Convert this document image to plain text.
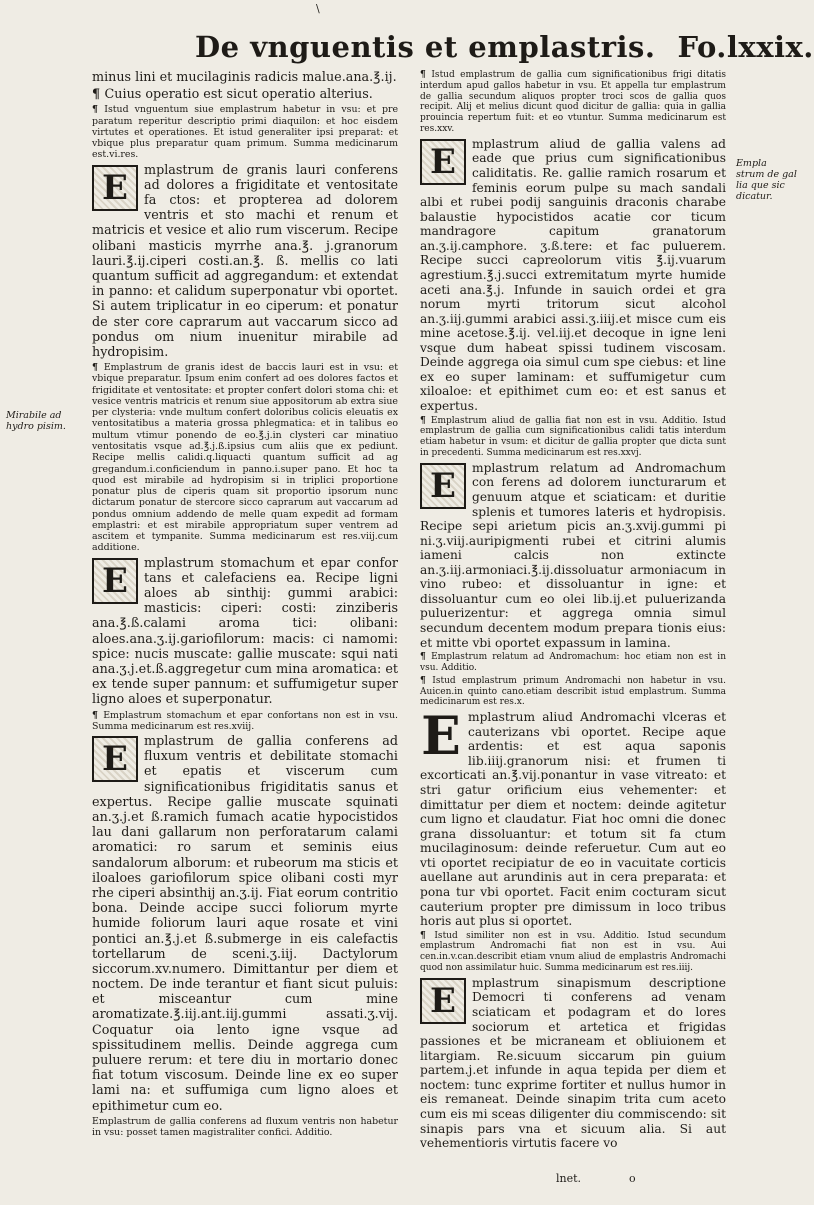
\
De vnguentis et emplastris. Fo.lxxix.

minus lini et mucilaginis radicis malue.ana.℥.ij.

¶ Cuius operatio est sicut operatio alterius.

¶ Istud vnguentum siue emplastrum habetur in vsu: et pre paratum reperitur descriptio primi diaquilon: et hoc eisdem virtutes et operationes. Et istud generaliter ipsi preparat: et vbique plus preparatur quam primum. Summa medicinarum est.vi.res.

E	mplastrum de granis lauri conferens ad dolores a frigiditate et ventositate fa ctos: et propterea ad dolorem ventris et sto machi et renum et matricis et vesice et alio rum viscerum. Recipe olibani masticis myrrhe ana.℥. j.granorum lauri.℥.ij.ciperi costi.an.℥. ß. mellis co lati quantum sufficit ad aggregandum: et extendat in panno: et calidum superponatur vbi oportet. Si autem triplicatur in eo ciperum: et ponatur de ster core caprarum aut vaccarum sicco ad pondus om nium inuenitur mirabile ad hydropisim.

¶ Emplastrum de granis idest de baccis lauri est in vsu: et vbique preparatur. Ipsum enim confert ad oes dolores factos et frigiditate et ventositate: et propter confert dolori stoma chi: et vesice ventris matricis et renum siue appositorum ab extra siue per clysteria: vnde multum confert doloribus colicis eleuatis ex ventositatibus a materia grossa phlegmatica: et in talibus eo multum vtimur ponendo de eo.℥.j.in clysteri car minatiuo ventositatis vsque ad.℥.j.ß.ipsius cum aliis que ex pediunt. Recipe mellis calidi.q.liquacti quantum sufficit ad ag gregandum.i.conficiendum in panno.i.super pano. Et hoc ta quod est mirabile ad hydropisim si in triplici proportione ponatur plus de ciperis quam sit proportio ipsorum nunc dictarum ponatur de stercore sicco caprarum aut vaccarum ad pondus omnium addendo de melle quam expedit ad formam emplastri: et est mirabile appropriatum super ventrem ad ascitem et tympanite. Summa medicinarum est res.viij.cum additione.

E	mplastrum stomachum et epar confor tans et calefaciens ea. Recipe ligni aloes ab sinthij: gummi arabici: masticis: ciperi: costi: zinziberis ana.℥.ß.calami aroma tici: olibani: aloes.ana.ʒ.ij.gariofilorum: macis: ci namomi: spice: nucis muscate: gallie muscate: squi nati ana.ʒ.j.et.ß.aggregetur cum mina aromatica: et ex tende super pannum: et suffumigetur super ligno aloes et superponatur.

¶ Emplastrum stomachum et epar confortans non est in vsu. Summa medicinarum est res.xviij.

E	mplastrum de gallia conferens ad fluxum ventris et debilitate stomachi et epatis et viscerum cum significationibus frigiditatis sanus et expertus. Recipe gallie muscate squinati an.ʒ.j.et ß.ramich fumach acatie hypocistidos lau dani gallarum non perforatarum calami aromatici: ro sarum et seminis eius sandalorum alborum: et rubeorum ma sticis et iloaloes gariofilorum spice olibani costi myr rhe ciperi absinthij an.ʒ.ij. Fiat eorum contritio bona. Deinde accipe succi foliorum myrte humide foliorum lauri aque rosate et vini pontici an.℥.j.et ß.submerge in eis calefactis tortellarum de sceni.ʒ.iij. Dactylorum siccorum.xv.numero. Dimittantur per diem et noctem. De inde terantur et fiant sicut puluis: et misceantur cum mine aromatizate.℥.iij.ant.iij.gummi assati.ʒ.vij. Coquatur oia lento igne vsque ad spissitudinem mellis. Deinde aggrega cum puluere rerum: et tere diu in mortario donec fiat totum viscosum. Deinde line ex eo super lami na: et suffumiga cum ligno aloes et epithimetur cum eo.

Emplastrum de gallia conferens ad fluxum ventris non habetur in vsu: posset tamen magistraliter confici. Additio.

¶ Istud emplastrum de gallia cum significationibus frigi ditatis interdum apud gallos habetur in vsu. Et appella tur emplastrum de gallia secundum aliquos propter troci scos de gallia quos recipit. Alij et melius dicunt quod dicitur de gallia: quia in gallia prouincia repertum fuit: et eo vtuntur. Summa medicinarum est res.xxv.

E	mplastrum aliud de gallia valens ad eade que prius cum significationibus caliditatis. Re. gallie ramich rosarum et feminis eorum pulpe su mach sandali albi et rubei podij sanguinis draconis charabe balaustie hypocistidos acatie cor ticum mandragore capitum granatorum an.ʒ.ij.camphore. ʒ.ß.tere: et fac puluerem. Recipe succi capreolorum vitis ℥.ij.vuarum agrestium.℥.j.succi extremitatum myrte humide aceti ana.℥.j. Infunde in sauich ordei et gra norum myrti tritorum sicut alcohol an.ʒ.iij.gummi arabici assi.ʒ.iiij.et misce cum eis mine acetose.℥.ij. vel.iij.et decoque in igne leni vsque dum habeat spissi tudinem viscosam. Deinde aggrega oia simul cum spe ciebus: et line ex eo super laminam: et suffumigetur cum xiloaloe: et epithimet cum eo: et est sanus et expertus.

¶ Emplastrum aliud de gallia fiat non est in vsu. Additio. Istud emplastrum de gallia cum significationibus calidi tatis interdum etiam habetur in vsum: et dicitur de gallia propter que dicta sunt in precedenti. Summa medicinarum est res.xxvj.

E	mplastrum relatum ad Andromachum con ferens ad dolorem iuncturarum et genuum atque et sciaticam: et duritie splenis et tumores lateris et hydropisis. Recipe sepi arietum picis an.ʒ.xvij.gummi pi ni.ʒ.viij.auripigmenti rubei et citrini alumis iameni calcis non extincte an.ʒ.iij.armoniaci.℥.ij.dissoluatur armoniacum in vino rubeo: et dissoluantur in igne: et dissoluantur cum eo olei lib.ij.et puluerizanda puluerizentur: et aggrega omnia simul secundum decentem modum prepara tionis eius: et mitte vbi oportet expassum in lamina.

¶ Emplastrum relatum ad Andromachum: hoc etiam non est in vsu. Additio.

¶ Istud emplastrum primum Andromachi non habetur in vsu. Auicen.in quinto cano.etiam describit istud emplastrum. Summa medicinarum est res.x.

Emplastrum aliud Andromachi vlceras et cauterizans vbi oportet. Recipe aque ardentis: et est aqua saponis lib.iiij.granorum nisi: et frumen ti excorticati an.℥.vij.ponantur in vase vitreato: et stri gatur orificium eius vehementer: et dimittatur per diem et noctem: deinde agitetur cum ligno et claudatur. Fiat hoc omni die donec grana dissoluantur: et totum sit fa ctum mucilaginosum: deinde referuetur. Cum aut eo vti oportet recipiatur de eo in vacuitate corticis auellane aut arundinis aut in cera preparata: et pona tur vbi oportet. Facit enim cocturam sicut cauterium propter pre dimissum in loco tribus horis aut plus si oportet.

¶ Istud similiter non est in vsu. Additio. Istud secundum emplastrum Andromachi fiat non est in vsu. Aui cen.in.v.can.describit etiam vnum aliud de emplastris Andromachi quod non assimilatur huic. Summa medicinarum est res.iiij.

E	mplastrum sinapismum descriptione Democri ti conferens ad venam sciaticam et podagram et do lores sociorum et artetica et frigidas passiones et be micraneam et obliuionem et litargiam. Re.sicuum siccarum pin guium partem.j.et infunde in aqua tepida per diem et noctem: tunc exprime fortiter et nullus humor in eis remaneat. Deinde sinapim trita cum aceto cum eis mi sceas diligenter diu commiscendo: sit sinapis pars vna et sicuum alia. Si aut vehementioris virtutis facere vo

Mirabile ad hydro pisim.
Empla strum de gal lia que sic dicatur.
lnet.	o
